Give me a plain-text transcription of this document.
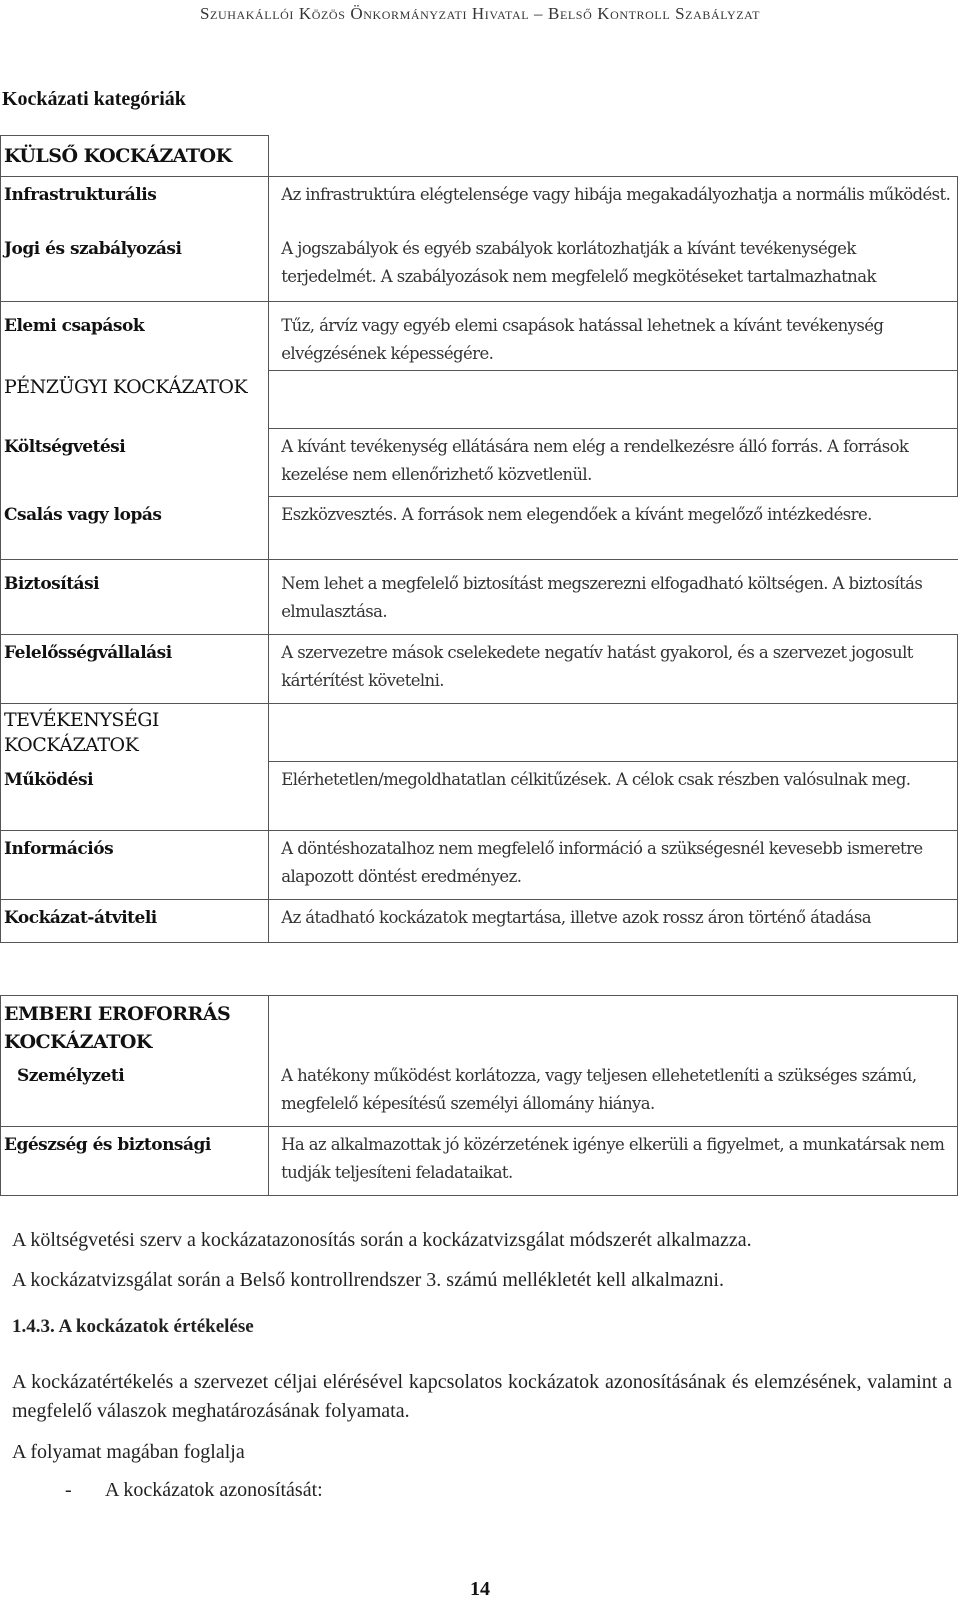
Szuhakállói Közös Önkormányzati Hivatal – Belső Kontroll Szabályzat
Kockázati kategóriák
KÜLSŐ KOCKÁZATOK	
Infrastrukturális	Az infrastruktúra elégtelensége vagy hibája megakadályozhatja a normális működést.
Jogi és szabályozási	A jogszabályok és egyéb szabályok korlátozhatják a kívánt tevékenységek terjedelmét. A szabályozások nem megfelelő megkötéseket tartalmazhatnak
Elemi csapások	Tűz, árvíz vagy egyéb elemi csapások hatással lehetnek a kívánt tevékenység elvégzésének képességére.
PÉNZÜGYI KOCKÁZATOK	
Költségvetési	A kívánt tevékenység ellátására nem elég a rendelkezésre álló forrás. A források kezelése nem ellenőrizhető közvetlenül.
Csalás vagy lopás	Eszközvesztés. A források nem elegendőek a kívánt megelőző intézkedésre.
Biztosítási	Nem lehet a megfelelő biztosítást megszerezni elfogadható költségen. A biztosítás elmulasztása.
Felelősségvállalási	A szervezetre mások cselekedete negatív hatást gyakorol, és a szervezet jogosult kártérítést követelni.
TEVÉKENYSÉGI KOCKÁZATOK	
Működési	Elérhetetlen/megoldhatatlan célkitűzések. A célok csak részben valósulnak meg.
Információs	A döntéshozatalhoz nem megfelelő információ a szükségesnél kevesebb ismeretre alapozott döntést eredményez.
Kockázat-átviteli	Az átadható kockázatok megtartása, illetve azok rossz áron történő átadása
EMBERI EROFORRÁS KOCKÁZATOK	
Személyzeti	A hatékony működést korlátozza, vagy teljesen ellehetetleníti a szükséges számú, megfelelő képesítésű személyi állomány hiánya.
Egészség és biztonsági	Ha az alkalmazottak jó közérzetének igénye elkerüli a figyelmet, a munkatársak nem tudják teljesíteni feladataikat.
A költségvetési szerv a kockázatazonosítás során a kockázatvizsgálat módszerét alkalmazza.
A kockázatvizsgálat során a Belső kontrollrendszer 3. számú mellékletét kell alkalmazni.
1.4.3. A kockázatok értékelése
A kockázatértékelés a szervezet céljai elérésével kapcsolatos kockázatok azonosításának és elemzésének, valamint a megfelelő válaszok meghatározásának folyamata.
A folyamat magában foglalja
- A kockázatok azonosítását:
14
